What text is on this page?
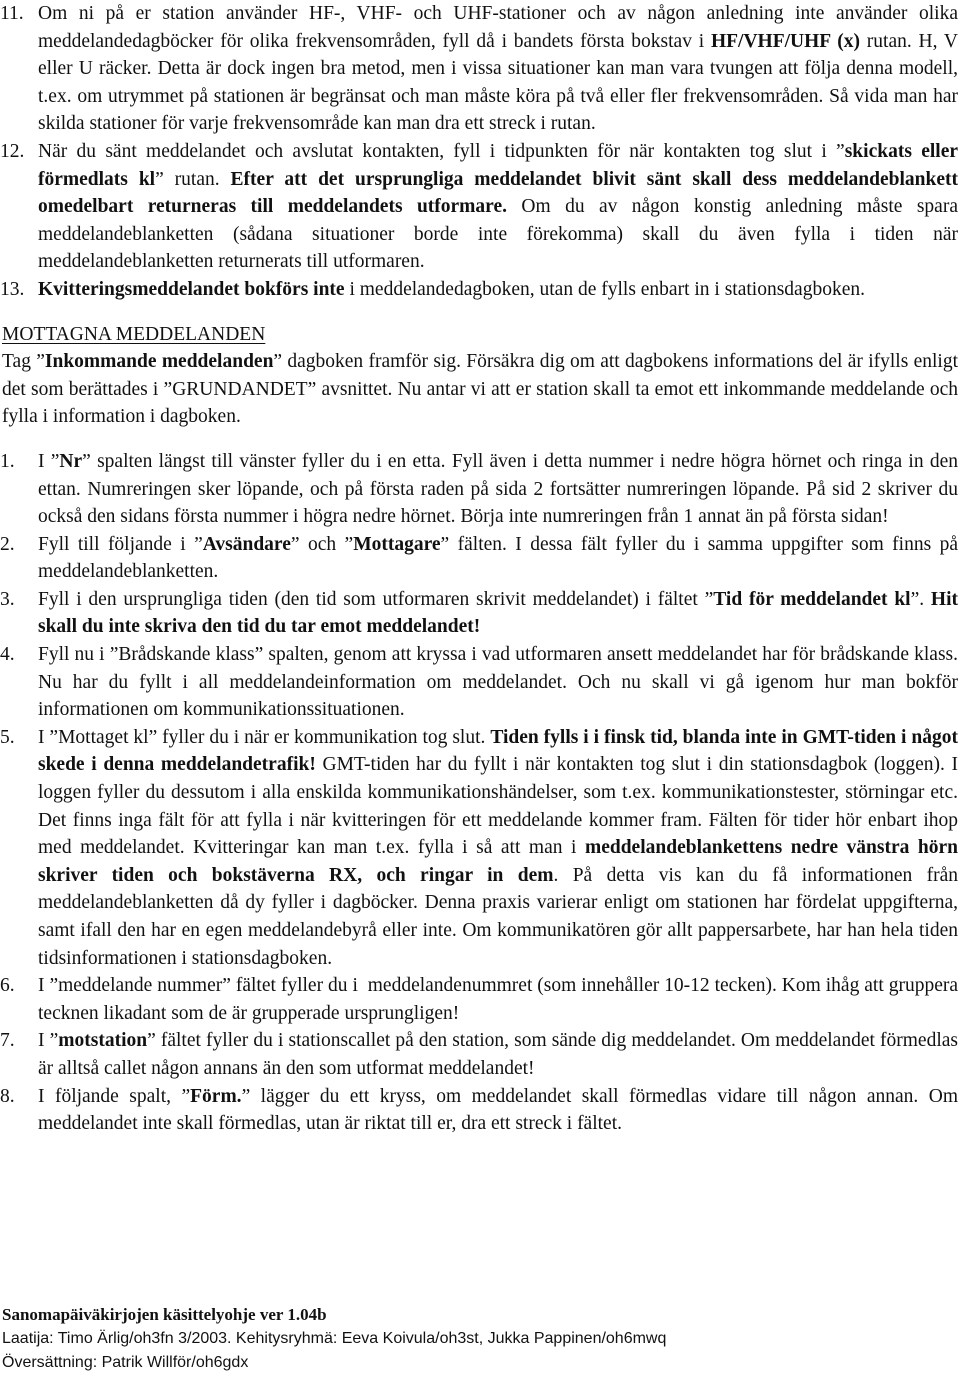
11. Om ni på er station använder HF-, VHF- och UHF-stationer och av någon anledning inte använder olika meddelandedagböcker för olika frekvensområden, fyll då i bandets första bokstav i HF/VHF/UHF (x) rutan. H, V eller U räcker. Detta är dock ingen bra metod, men i vissa situationer kan man vara tvungen att följa denna modell, t.ex. om utrymmet på stationen är begränsat och man måste köra på två eller fler frekvensområden. Så vida man har skilda stationer för varje frekvensområde kan man dra ett streck i rutan.
12. När du sänt meddelandet och avslutat kontakten, fyll i tidpunkten för när kontakten tog slut i ”skickats eller förmedlats kl” rutan. Efter att det ursprungliga meddelandet blivit sänt skall dess meddelandeblankett omedelbart returneras till meddelandets utformare. Om du av någon konstig anledning måste spara meddelandeblanketten (sådana situationer borde inte förekomma) skall du även fylla i tiden när meddelandeblanketten returnerats till utformaren.
13. Kvitteringsmeddelandet bokförs inte i meddelandedagboken, utan de fylls enbart in i stationsdagboken.
MOTTAGNA MEDDELANDEN
Tag ”Inkommande meddelanden” dagboken framför sig. Försäkra dig om att dagbokens informations del är ifylls enligt det som berättades i ”GRUNDANDET” avsnittet. Nu antar vi att er station skall ta emot ett inkommande meddelande och fylla i information i dagboken.
1. I ”Nr” spalten längst till vänster fyller du i en etta. Fyll även i detta nummer i nedre högra hörnet och ringa in den ettan. Numreringen sker löpande, och på första raden på sida 2 fortsätter numreringen löpande. På sid 2 skriver du också den sidans första nummer i högra nedre hörnet. Börja inte numreringen från 1 annat än på första sidan!
2. Fyll till följande i ”Avsändare” och ”Mottagare” fälten. I dessa fält fyller du i samma uppgifter som finns på meddelandeblanketten.
3. Fyll i den ursprungliga tiden (den tid som utformaren skrivit meddelandet) i fältet ”Tid för meddelandet kl”. Hit skall du inte skriva den tid du tar emot meddelandet!
4. Fyll nu i ”Brådskande klass” spalten, genom att kryssa i vad utformaren ansett meddelandet har för brådskande klass. Nu har du fyllt i all meddelandeinformation om meddelandet. Och nu skall vi gå igenom hur man bokför informationen om kommunikationssituationen.
5. I ”Mottaget kl” fyller du i när er kommunikation tog slut. Tiden fylls i i finsk tid, blanda inte in GMT-tiden i något skede i denna meddelandetrafik! GMT-tiden har du fyllt i när kontakten tog slut i din stationsdagbok (loggen). I loggen fyller du dessutom i alla enskilda kommunikationshändelser, som t.ex. kommunikationstester, störningar etc. Det finns inga fält för att fylla i när kvitteringen för ett meddelande kommer fram. Fälten för tider hör enbart ihop med meddelandet. Kvitteringar kan man t.ex. fylla i så att man i meddelandeblankettens nedre vänstra hörn skriver tiden och bokstäverna RX, och ringar in dem. På detta vis kan du få informationen från meddelandeblanketten då dy fyller i dagböcker. Denna praxis varierar enligt om stationen har fördelat uppgifterna, samt ifall den har en egen meddelandebyrå eller inte. Om kommunikatören gör allt pappersarbete, har han hela tiden tidsinformationen i stationsdagboken.
6. I ”meddelande nummer” fältet fyller du i  meddelandenummret (som innehåller 10-12 tecken). Kom ihåg att gruppera tecknen likadant som de är grupperade ursprungligen!
7. I ”motstation” fältet fyller du i stationscallet på den station, som sände dig meddelandet. Om meddelandet förmedlas är alltså callet någon annans än den som utformat meddelandet!
8. I följande spalt, ”Förm.” lägger du ett kryss, om meddelandet skall förmedlas vidare till någon annan. Om meddelandet inte skall förmedlas, utan är riktat till er, dra ett streck i fältet.
Sanomapäiväkirjojen käsittelyohje ver 1.04b
Laatija: Timo Ärlig/oh3fn 3/2003. Kehitysryhmä: Eeva Koivula/oh3st, Jukka Pappinen/oh6mwq
Översättning: Patrik Willför/oh6gdx
